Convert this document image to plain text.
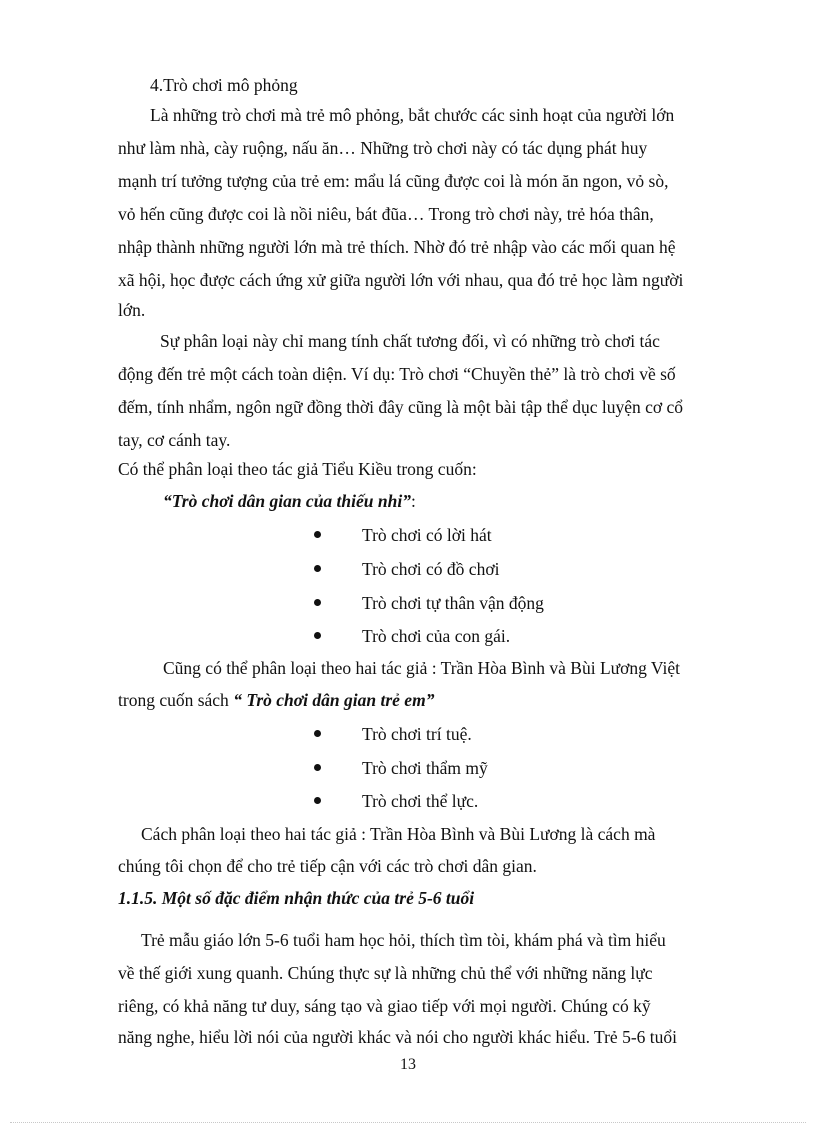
4.Trò chơi mô phỏng
Là những trò chơi mà trẻ mô phỏng, bắt chước các sinh hoạt của người lớn
như làm nhà, cày ruộng, nấu ăn… Những trò chơi này có tác dụng phát huy
mạnh trí tưởng tượng của trẻ em: mẩu lá cũng được coi là món ăn ngon, vỏ sò,
vỏ hến cũng được coi là nồi niêu, bát đũa… Trong trò chơi này, trẻ hóa thân,
nhập thành những người lớn mà trẻ thích. Nhờ đó trẻ nhập vào các mối quan hệ
xã hội, học được cách ứng xử giữa người lớn với nhau, qua đó trẻ học làm người
lớn.
Sự phân loại này chỉ mang tính chất tương đối, vì có những trò chơi tác
động đến trẻ một cách toàn diện. Ví dụ: Trò chơi “Chuyền thẻ” là trò chơi về số
đếm, tính nhẩm, ngôn ngữ đồng thời đây cũng là một bài tập thể dục luyện cơ cổ
tay, cơ cánh tay.
Có thể phân loại theo tác giả Tiểu Kiều trong cuốn:
“Trò chơi dân gian của thiếu nhi”:
Trò chơi có lời hát
Trò chơi có đồ chơi
Trò chơi tự thân vận động
Trò chơi của con gái.
Cũng có thể phân loại theo hai tác giả : Trần Hòa Bình và Bùi Lương Việt
trong cuốn sách “ Trò chơi dân gian trẻ em”
Trò chơi trí tuệ.
Trò chơi thẩm mỹ
Trò chơi thể lực.
Cách phân loại theo hai tác giả : Trần Hòa Bình và Bùi Lương là cách mà
chúng tôi chọn để cho trẻ tiếp cận với các trò chơi dân gian.
1.1.5. Một số đặc điểm nhận thức của trẻ 5-6 tuổi
Trẻ mẫu giáo lớn 5-6 tuổi ham học hỏi, thích tìm tòi, khám phá và tìm hiểu
về thế giới xung quanh. Chúng thực sự là những chủ thể với những năng lực
riêng, có khả năng tư duy, sáng tạo và giao tiếp với mọi người. Chúng có kỹ
năng nghe, hiểu lời nói của người khác và nói cho người khác hiểu. Trẻ 5-6 tuổi
13
